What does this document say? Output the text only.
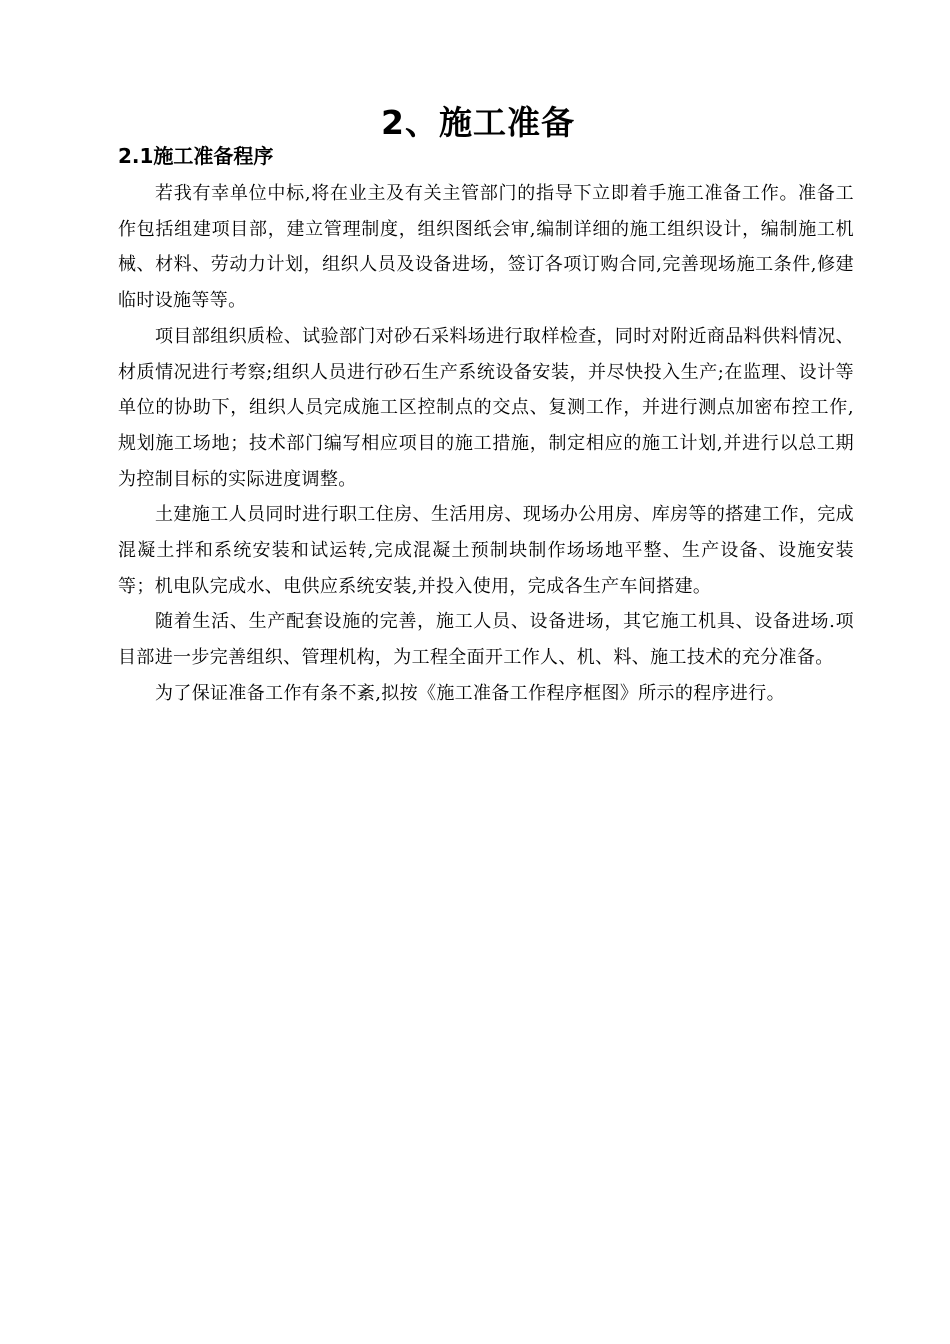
2、施工准备
2.1施工准备程序

若我有幸单位中标,将在业主及有关主管部门的指导下立即着手施工准备工作。准备工作包括组建项目部，建立管理制度，组织图纸会审,编制详细的施工组织设计，编制施工机械、材料、劳动力计划，组织人员及设备进场，签订各项订购合同,完善现场施工条件,修建临时设施等等。

项目部组织质检、试验部门对砂石采料场进行取样检查，同时对附近商品料供料情况、材质情况进行考察;组织人员进行砂石生产系统设备安装，并尽快投入生产;在监理、设计等单位的协助下，组织人员完成施工区控制点的交点、复测工作，并进行测点加密布控工作,规划施工场地；技术部门编写相应项目的施工措施，制定相应的施工计划,并进行以总工期为控制目标的实际进度调整。

土建施工人员同时进行职工住房、生活用房、现场办公用房、库房等的搭建工作，完成混凝土拌和系统安装和试运转,完成混凝土预制块制作场场地平整、生产设备、设施安装等；机电队完成水、电供应系统安装,并投入使用，完成各生产车间搭建。

随着生活、生产配套设施的完善，施工人员、设备进场，其它施工机具、设备进场.项目部进一步完善组织、管理机构，为工程全面开工作人、机、料、施工技术的充分准备。

为了保证准备工作有条不紊,拟按《施工准备工作程序框图》所示的程序进行。
